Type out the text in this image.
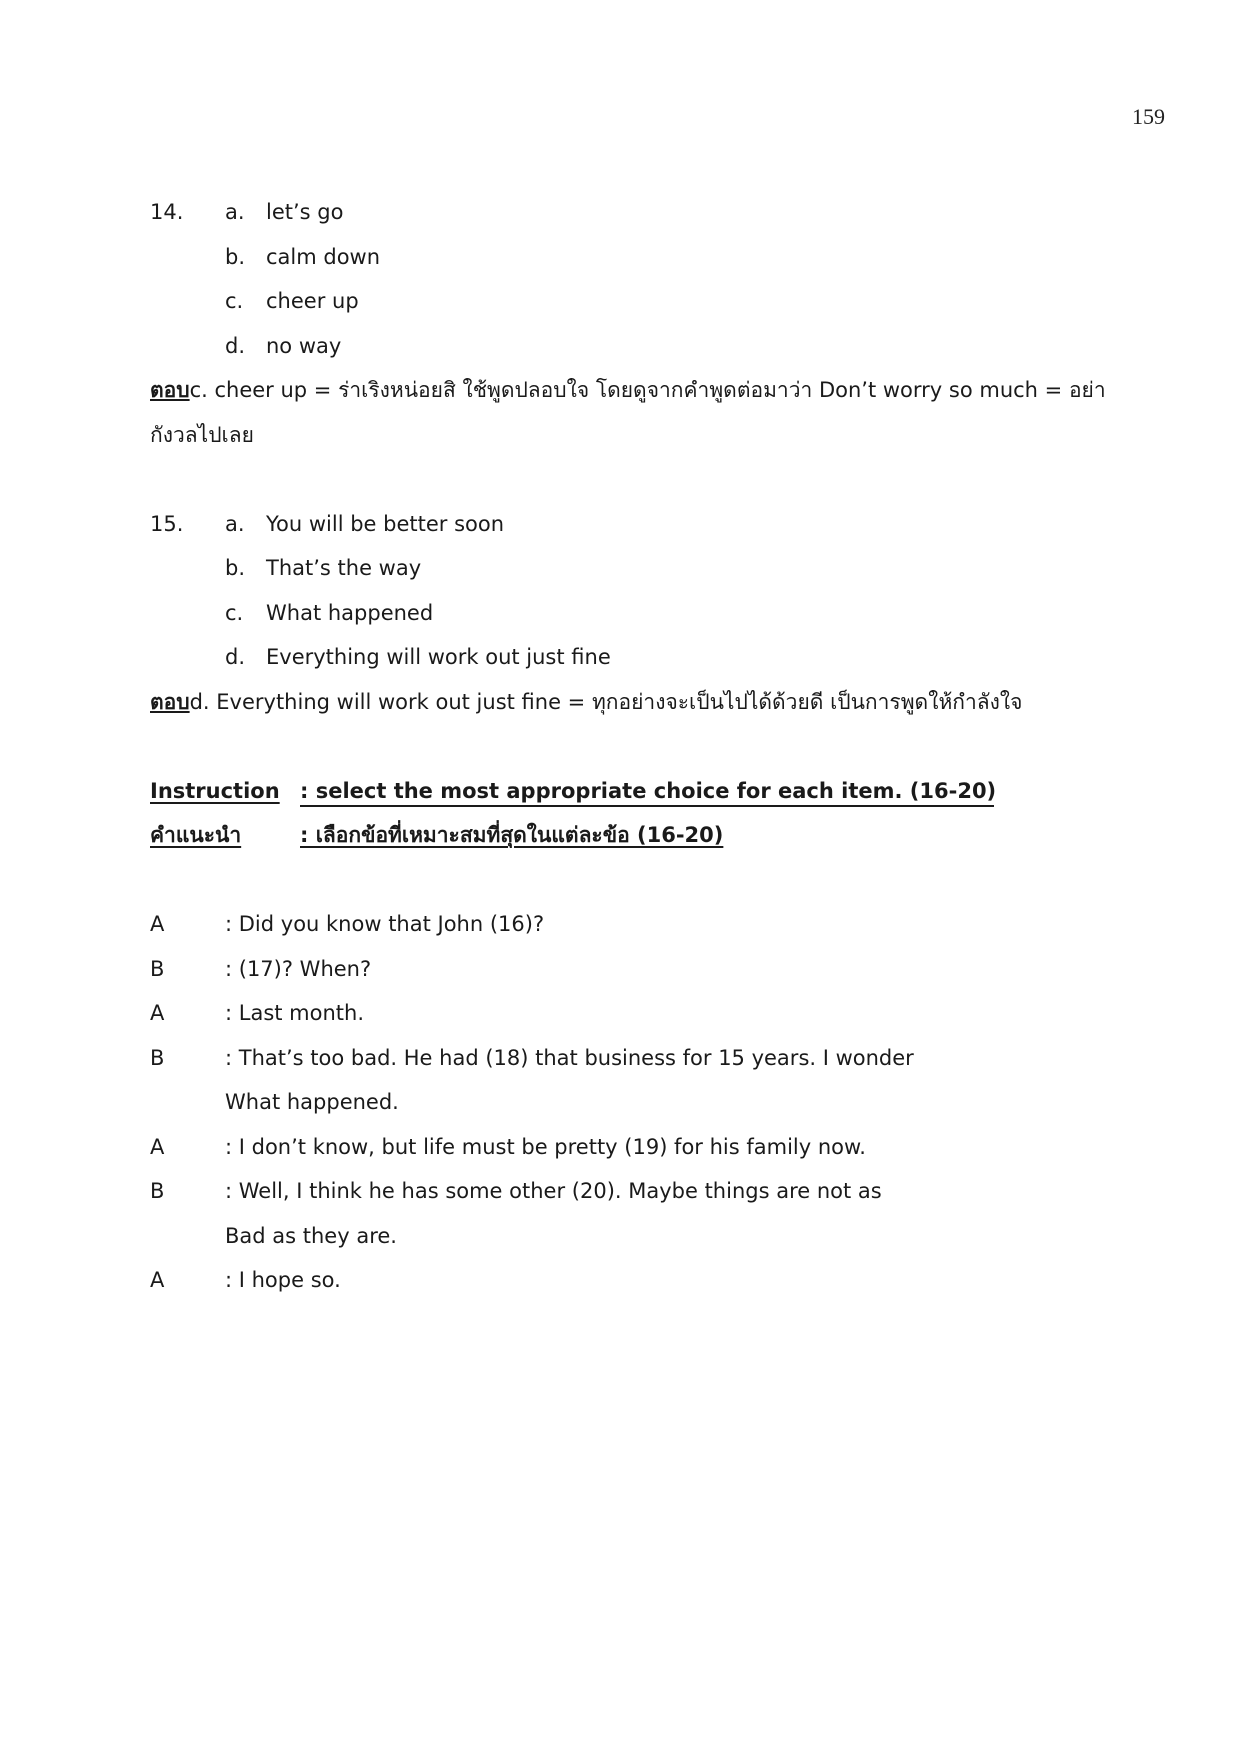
159
14.	a.	let’s go
b. calm down
c.	cheer up
d. no way
ตอบc. cheer up = ร่าเริงหน่อยสิ ใช้พูดปลอบใจ โดยดูจากคำพูดต่อมาว่า Don’t worry so much = อย่ากังวลไปเลย
15.	a.	You will be better soon
b. That’s the way
c.	What happened
d. Everything will work out just fine
ตอบd. Everything will work out just fine = ทุกอย่างจะเป็นไปได้ด้วยดี เป็นการพูดให้กำลังใจ
Instruction : select the most appropriate choice for each item. (16-20)
คำแนะนำ	: เลือกข้อที่เหมาะสมที่สุดในแต่ละข้อ (16-20)
A	: Did you know that John (16)?
B	: (17)? When?
A	: Last month.
B	: That’s too bad. He had (18) that business for 15 years. I wonder
What happened.
A	: I don’t know, but life must be pretty (19) for his family now.
B	: Well, I think he has some other (20). Maybe things are not as
Bad as they are.
A	: I hope so.
